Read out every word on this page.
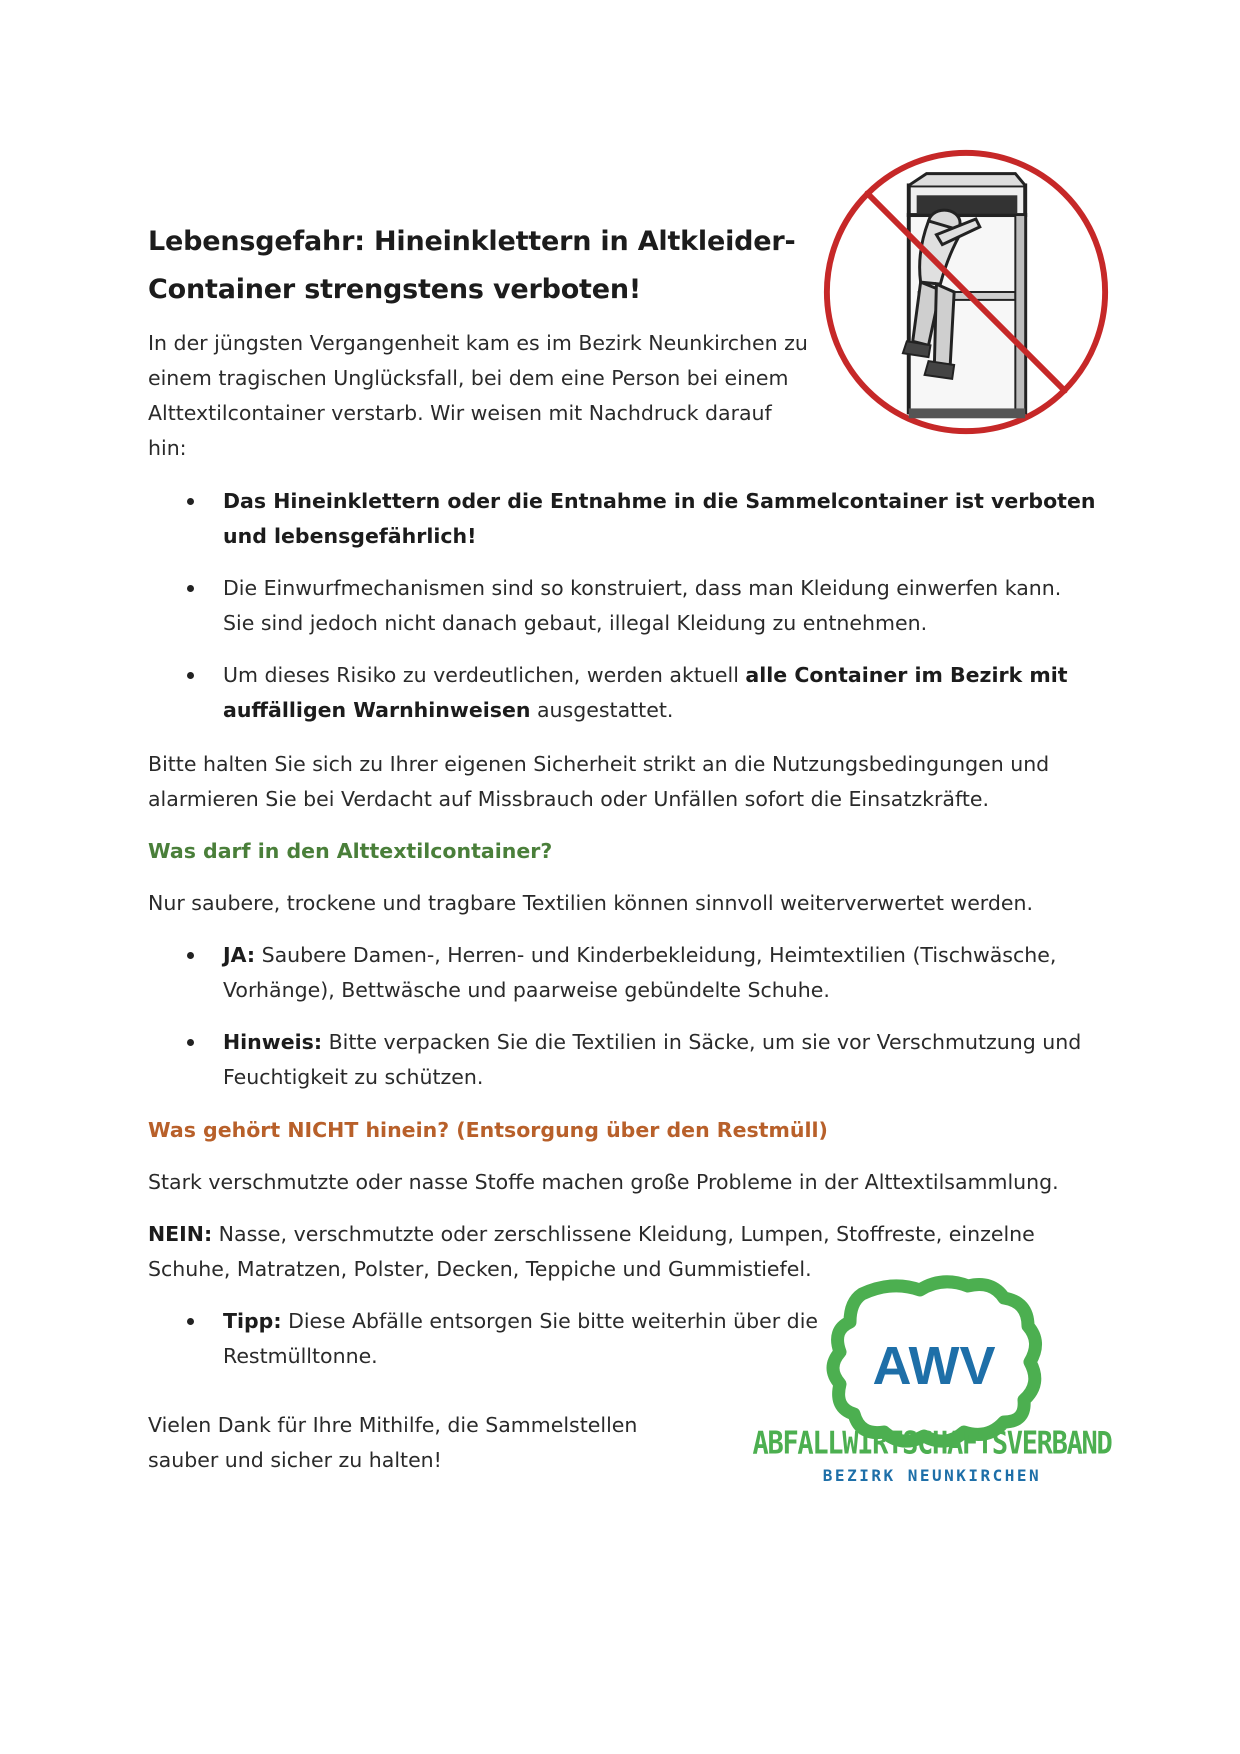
Lebensgefahr: Hineinklettern in Altkleider-Container strengstens verboten!

In der jüngsten Vergangenheit kam es im Bezirk Neunkirchen zu einem tragischen Unglücksfall, bei dem eine Person bei einem Alttextilcontainer verstarb. Wir weisen mit Nachdruck darauf hin:

Das Hineinklettern oder die Entnahme in die Sammelcontainer ist verboten und lebensgefährlich!
Die Einwurfmechanismen sind so konstruiert, dass man Kleidung einwerfen kann. Sie sind jedoch nicht danach gebaut, illegal Kleidung zu entnehmen.
Um dieses Risiko zu verdeutlichen, werden aktuell alle Container im Bezirk mit auffälligen Warnhinweisen ausgestattet.

Bitte halten Sie sich zu Ihrer eigenen Sicherheit strikt an die Nutzungsbedingungen und alarmieren Sie bei Verdacht auf Missbrauch oder Unfällen sofort die Einsatzkräfte.

Was darf in den Alttextilcontainer?

Nur saubere, trockene und tragbare Textilien können sinnvoll weiterverwertet werden.

JA: Saubere Damen-, Herren- und Kinderbekleidung, Heimtextilien (Tischwäsche, Vorhänge), Bettwäsche und paarweise gebündelte Schuhe.
Hinweis: Bitte verpacken Sie die Textilien in Säcke, um sie vor Verschmutzung und Feuchtigkeit zu schützen.
Was gehört NICHT hinein? (Entsorgung über den Restmüll)

Stark verschmutzte oder nasse Stoffe machen große Probleme in der Alttextilsammlung.

NEIN: Nasse, verschmutzte oder zerschlissene Kleidung, Lumpen, Stoffreste, einzelne Schuhe, Matratzen, Polster, Decken, Teppiche und Gummistiefel.

Tipp: Diese Abfälle entsorgen Sie bitte weiterhin über die Restmülltonne.

Vielen Dank für Ihre Mithilfe, die Sammelstellen sauber und sicher zu halten!

AWV
ABFALLWIRTSCHAFTSVERBAND
BEZIRK NEUNKIRCHEN
